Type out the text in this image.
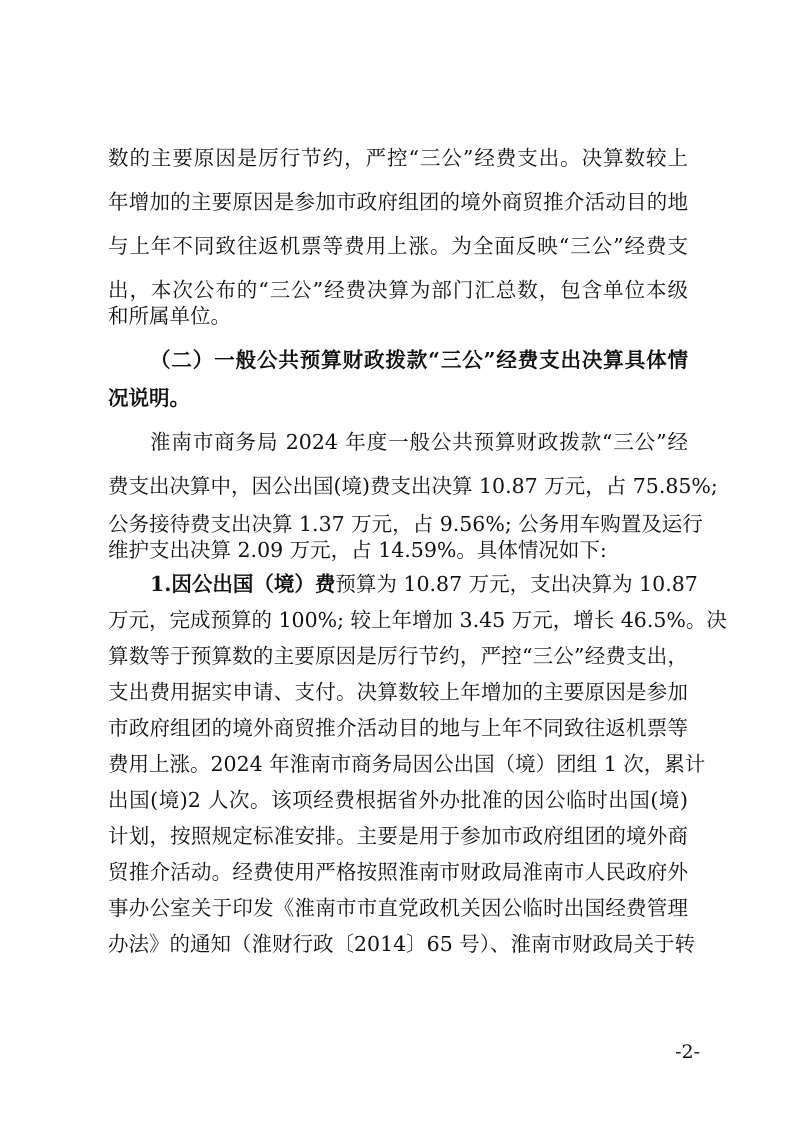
数的主要原因是厉行节约，严控“三公”经费支出。决算数较上
年增加的主要原因是参加市政府组团的境外商贸推介活动目的地
与上年不同致往返机票等费用上涨。为全面反映“三公”经费支
出，本次公布的“三公”经费决算为部门汇总数，包含单位本级
和所属单位。
（二）一般公共预算财政拨款“三公”经费支出决算具体情
况说明。
淮南市商务局 2024 年度一般公共预算财政拨款“三公”经
费支出决算中，因公出国(境)费支出决算 10.87 万元，占 75.85%;
公务接待费支出决算 1.37 万元，占 9.56%; 公务用车购置及运行
维护支出决算 2.09 万元，占 14.59%。具体情况如下:
1.因公出国（境）费预算为 10.87 万元，支出决算为 10.87
万元，完成预算的 100%; 较上年增加 3.45 万元，增长 46.5%。决
算数等于预算数的主要原因是厉行节约，严控“三公”经费支出，
支出费用据实申请、支付。决算数较上年增加的主要原因是参加
市政府组团的境外商贸推介活动目的地与上年不同致往返机票等
费用上涨。2024 年淮南市商务局因公出国（境）团组 1 次，累计
出国(境)2 人次。该项经费根据省外办批准的因公临时出国(境)
计划，按照规定标准安排。主要是用于参加市政府组团的境外商
贸推介活动。经费使用严格按照淮南市财政局淮南市人民政府外
事办公室关于印发《淮南市市直党政机关因公临时出国经费管理
办法》的通知（淮财行政〔2014〕65 号）、淮南市财政局关于转
-2-
